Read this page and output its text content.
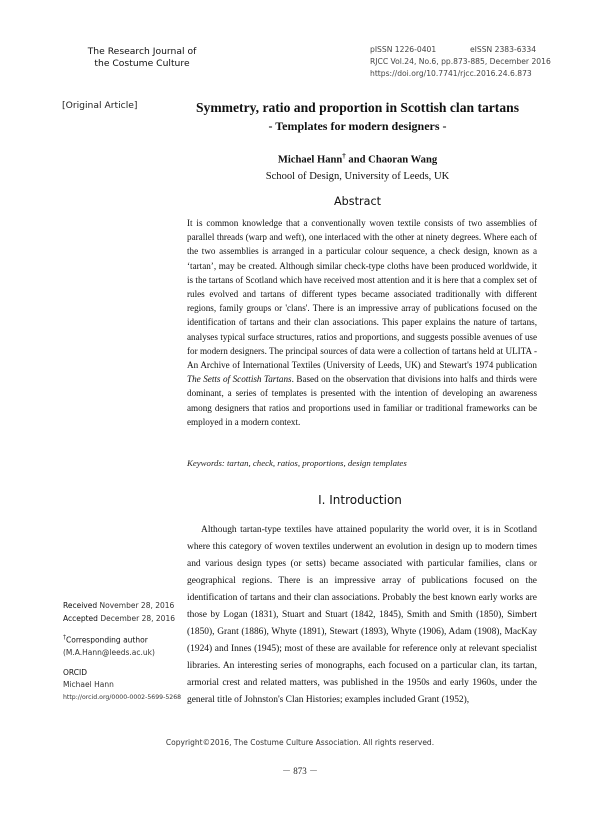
The Research Journal of
the Costume Culture
pISSN 1226-0401	eISSN 2383-6334
RJCC Vol.24, No.6, pp.873-885, December 2016
https://doi.org/10.7741/rjcc.2016.24.6.873
[Original Article]	Symmetry, ratio and proportion in Scottish clan tartans
- Templates for modern designers -
Michael Hann† and Chaoran Wang
School of Design, University of Leeds, UK
Abstract
It is common knowledge that a conventionally woven textile consists of two assemblies of parallel threads (warp and weft), one interlaced with the other at ninety degrees. Where each of the two assemblies is arranged in a particular colour sequence, a check design, known as a ‘tartan’, may be created. Although similar check-type cloths have been produced worldwide, it is the tartans of Scotland which have received most attention and it is here that a complex set of rules evolved and tartans of different types became associated traditionally with different regions, family groups or 'clans'. There is an impressive array of publications focused on the identification of tartans and their clan associations. This paper explains the nature of tartans, analyses typical surface structures, ratios and proportions, and suggests possible avenues of use for modern designers. The principal sources of data were a collection of tartans held at ULITA - An Archive of International Textiles (University of Leeds, UK) and Stewart's 1974 publication The Setts of Scottish Tartans. Based on the observation that divisions into halfs and thirds were dominant, a series of templates is presented with the intention of developing an awareness among designers that ratios and proportions used in familiar or traditional frameworks can be employed in a modern context.
Keywords: tartan, check, ratios, proportions, design templates
Ⅰ. Introduction

Although tartan-type textiles have attained popularity the world over, it is in Scotland where this category of woven textiles underwent an evolution in design up to modern times and various design types (or setts) became associated with particular families, clans or geographical regions. There is an impressive array of publications focused on the identification of tartans and their clan associations. Probably the best known early works are those by Logan (1831), Stuart and Stuart (1842, 1845), Smith and Smith (1850), Simbert (1850), Grant (1886), Whyte (1891), Stewart (1893), Whyte (1906), Adam (1908), MacKay (1924) and Innes (1945); most of these are available for reference only at relevant specialist libraries. An interesting series of monographs, each focused on a particular clan, its tartan, armorial crest and related matters, was published in the 1950s and early 1960s, under the general title of Johnston's Clan Histories; examples included Grant (1952),

Received November 28, 2016
Accepted December 28, 2016
†Corresponding author
(M.A.Hann@leeds.ac.uk)
ORCID
Michael Hann
http://orcid.org/0000-0002-5699-5268
Copyright©2016, The Costume Culture Association. All rights reserved.
－ 873 －
